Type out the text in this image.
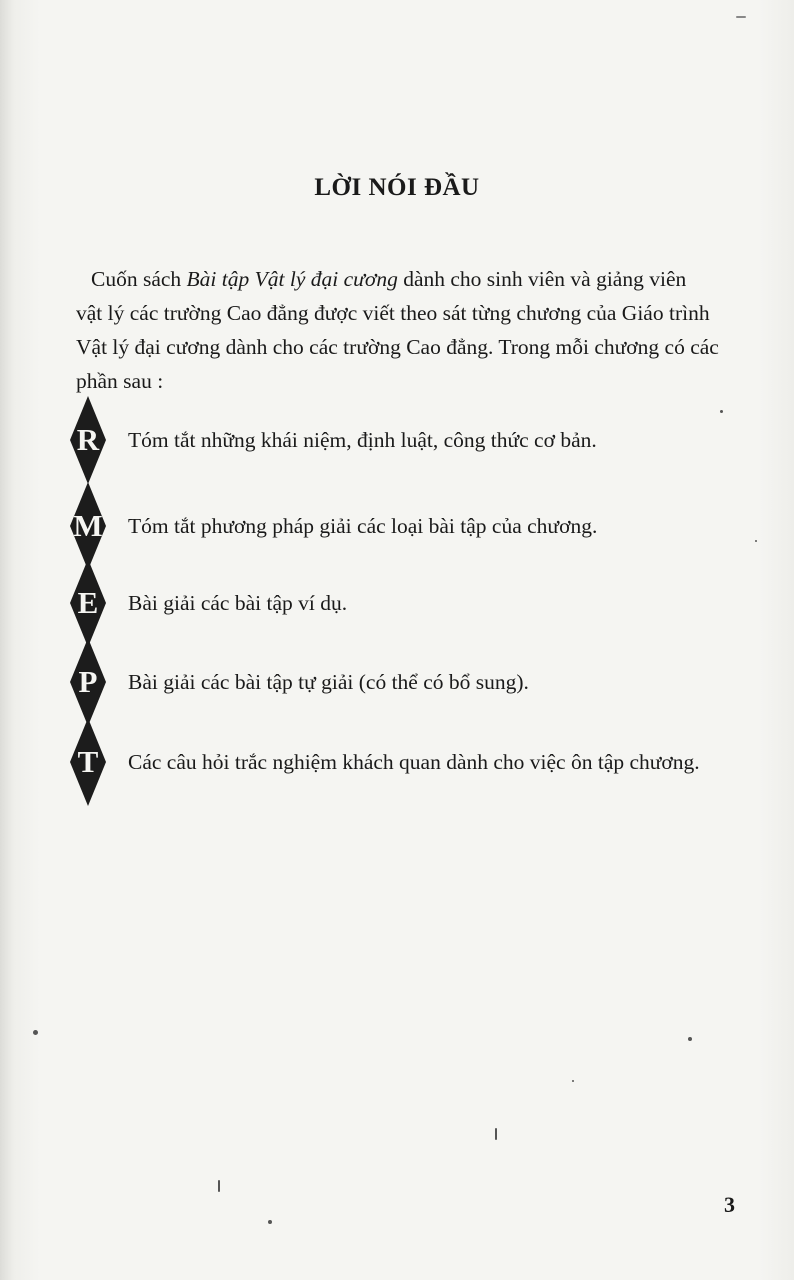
LỜI NÓI ĐẦU
Cuốn sách Bài tập Vật lý đại cương dành cho sinh viên và giảng viên
vật lý các trường Cao đẳng được viết theo sát từng chương của Giáo trình
Vật lý đại cương dành cho các trường Cao đẳng. Trong mỗi chương có các
phần sau :
R	Tóm tắt những khái niệm, định luật, công thức cơ bản.
M Tóm tắt phương pháp giải các loại bài tập của chương.
E	Bài giải các bài tập ví dụ.
P	Bài giải các bài tập tự giải (có thể có bổ sung).
T	Các câu hỏi trắc nghiệm khách quan dành cho việc ôn tập chương.
3
